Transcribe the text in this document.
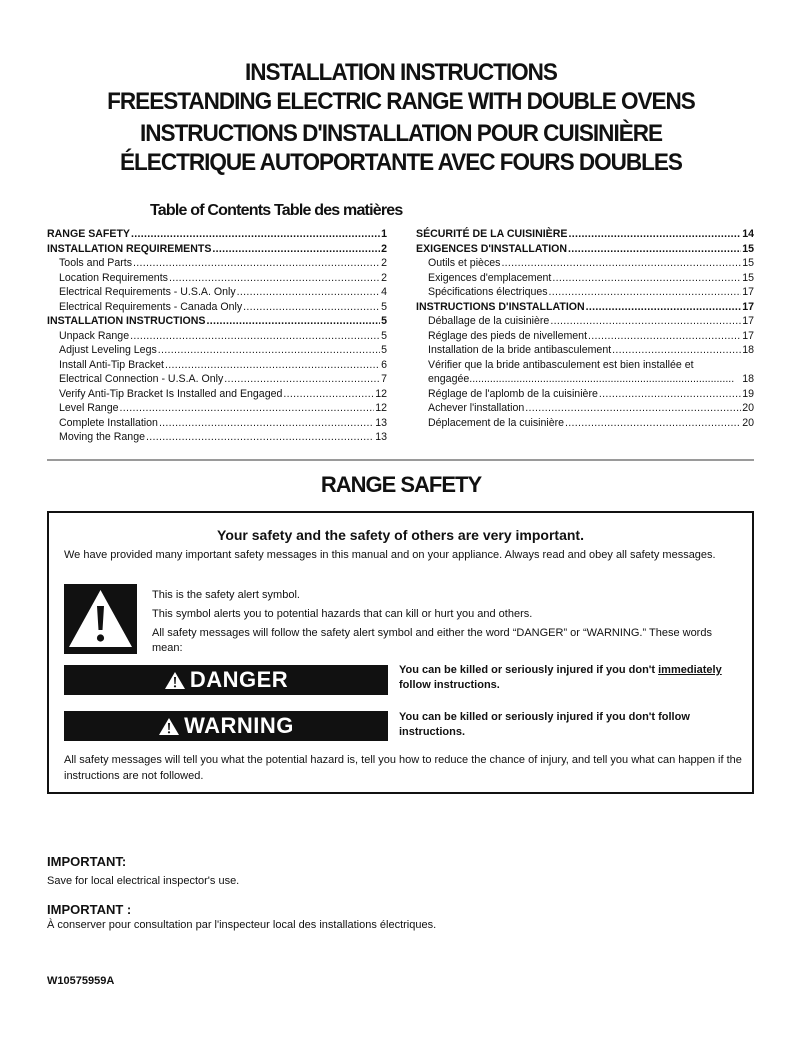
INSTALLATION INSTRUCTIONS
FREESTANDING ELECTRIC RANGE WITH DOUBLE OVENS
INSTRUCTIONS D'INSTALLATION POUR CUISINIÈRE
ÉLECTRIQUE AUTOPORTANTE AVEC FOURS DOUBLES
Table of Contents Table des matières
RANGE SAFETY .....	1
INSTALLATION REQUIREMENTS .....	2
Tools and Parts .....	2
Location Requirements .....	2
Electrical Requirements - U.S.A. Only .....	4
Electrical Requirements - Canada Only .....	5
INSTALLATION INSTRUCTIONS .....	5
Unpack Range .....	5
Adjust Leveling Legs .....	5
Install Anti-Tip Bracket .....	6
Electrical Connection - U.S.A. Only .....	7
Verify Anti-Tip Bracket Is Installed and Engaged .....	12
Level Range .....	12
Complete Installation .....	13
Moving the Range .....	13
SÉCURITÉ DE LA CUISINIÈRE .....	14
EXIGENCES D'INSTALLATION .....	15
Outils et pièces .....	15
Exigences d'emplacement .....	15
Spécifications électriques .....	17
INSTRUCTIONS D'INSTALLATION .....	17
Déballage de la cuisinière .....	17
Réglage des pieds de nivellement .....	17
Installation de la bride antibasculement .....	18
Vérifier que la bride antibasculement est bien installée et engagée.......................................................................................... 18
Réglage de l'aplomb de la cuisinière .....	19
Achever l'installation .....	20
Déplacement de la cuisinière .....	20
RANGE SAFETY
Your safety and the safety of others are very important.
We have provided many important safety messages in this manual and on your appliance. Always read and obey all safety messages.

This is the safety alert symbol.

This symbol alerts you to potential hazards that can kill or hurt you and others.

All safety messages will follow the safety alert symbol and either the word “DANGER” or “WARNING.” These words mean:

DANGER	You can be killed or seriously injured if you don't immediately follow instructions.
WARNING	You can be killed or seriously injured if you don't follow instructions.
All safety messages will tell you what the potential hazard is, tell you how to reduce the chance of injury, and tell you what can happen if the instructions are not followed.
IMPORTANT:
Save for local electrical inspector's use.
IMPORTANT :
À conserver pour consultation par l'inspecteur local des installations électriques.
W10575959A
